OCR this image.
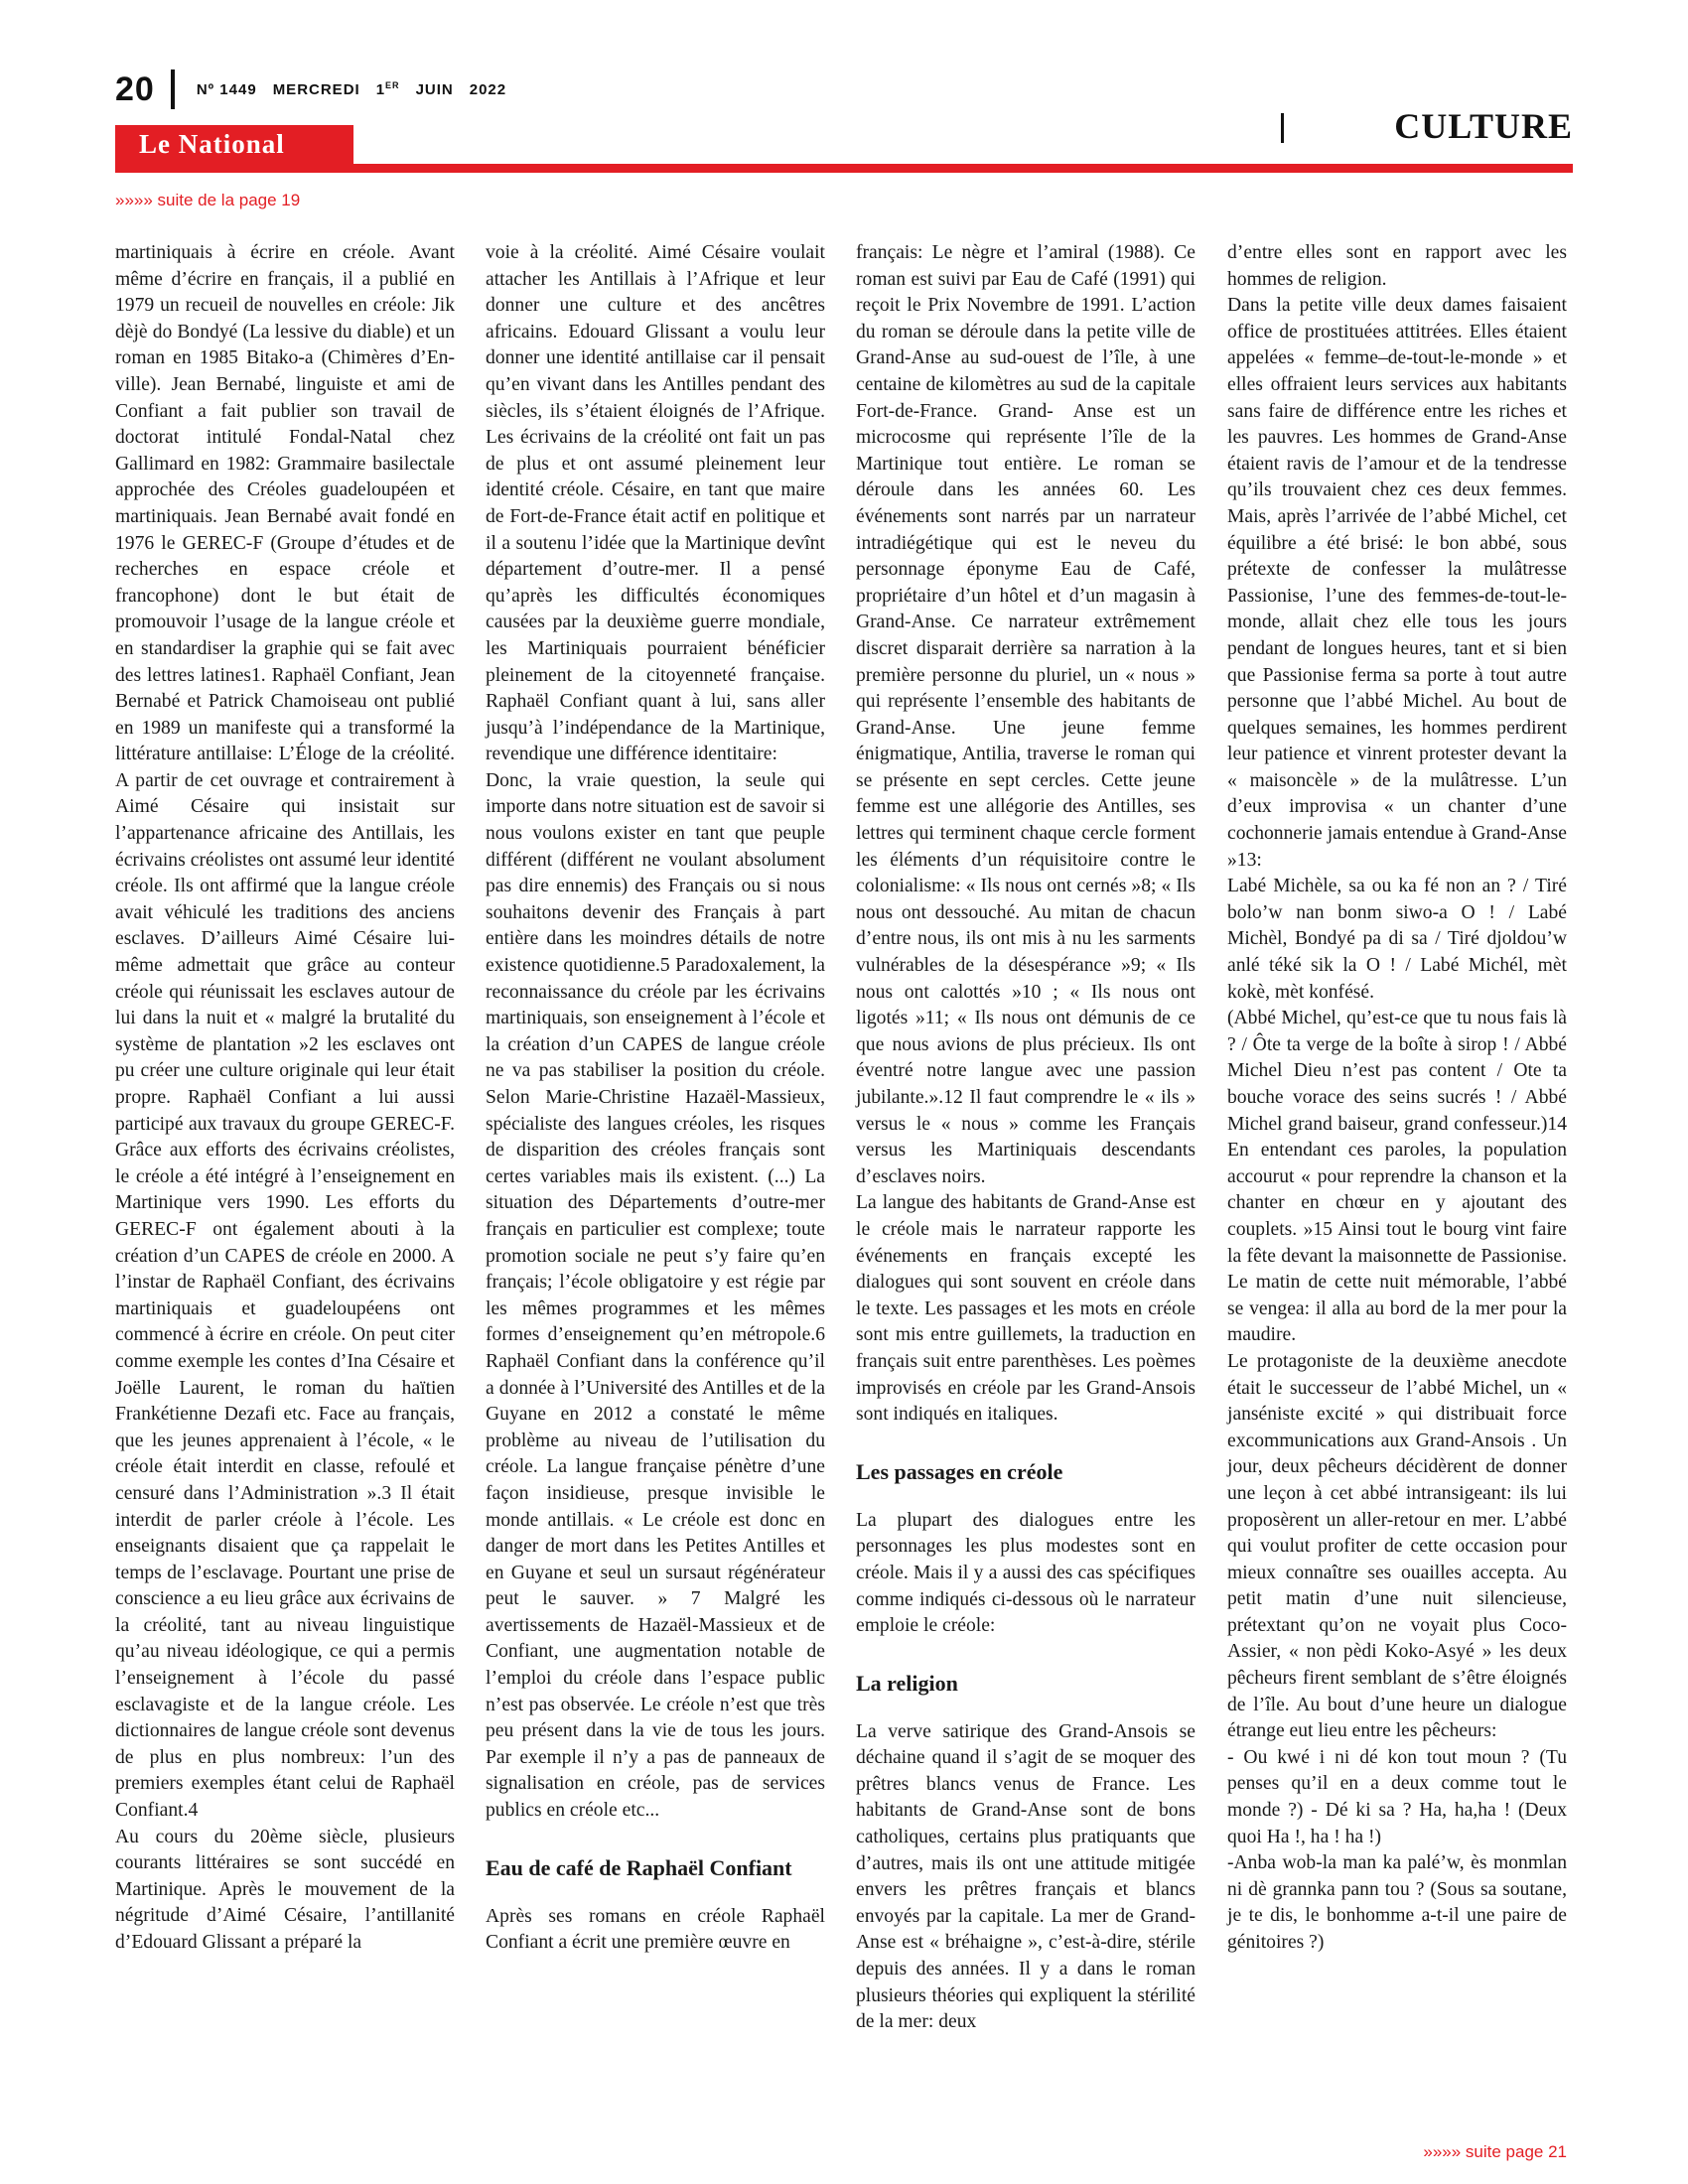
20	Nº 1449 MERCREDI 1ER JUIN 2022
Le National	CULTURE
»»»» suite de la page 19

martiniquais à écrire en créole. Avant même d’écrire en français, il a publié en 1979 un recueil de nouvelles en créole: Jik dèjè do Bondyé (La lessive du diable) et un roman en 1985 Bitako-a (Chimères d’En- ville). Jean Bernabé, linguiste et ami de Confiant a fait publier son travail de doctorat intitulé Fondal-Natal chez Gallimard en 1982: Grammaire basilectale approchée des Créoles guadeloupéen et martiniquais. Jean Bernabé avait fondé en 1976 le GEREC-F (Groupe d’études et de recherches en espace créole et francophone) dont le but était de promouvoir l’usage de la langue créole et en standardiser la graphie qui se fait avec des lettres latines1. Raphaël Confiant, Jean Bernabé et Patrick Chamoiseau ont publié en 1989 un manifeste qui a transformé la littérature antillaise: L’Éloge de la créolité. A partir de cet ouvrage et contrairement à Aimé Césaire qui insistait sur l’appartenance africaine des Antillais, les écrivains créolistes ont assumé leur identité créole. Ils ont affirmé que la langue créole avait véhiculé les traditions des anciens esclaves. D’ailleurs Aimé Césaire lui-même admettait que grâce au conteur créole qui réunissait les esclaves autour de lui dans la nuit et « malgré la brutalité du système de plantation »2 les esclaves ont pu créer une culture originale qui leur était propre. Raphaël Confiant a lui aussi participé aux travaux du groupe GEREC-F. Grâce aux efforts des écrivains créolistes, le créole a été intégré à l’enseignement en Martinique vers 1990. Les efforts du GEREC-F ont également abouti à la création d’un CAPES de créole en 2000. A l’instar de Raphaël Confiant, des écrivains martiniquais et guadeloupéens ont commencé à écrire en créole. On peut citer comme exemple les contes d’Ina Césaire et Joëlle Laurent, le roman du haïtien Frankétienne Dezafi etc. Face au français, que les jeunes apprenaient à l’école, « le créole était interdit en classe, refoulé et censuré dans l’Administration ».3 Il était interdit de parler créole à l’école. Les enseignants disaient que ça rappelait le temps de l’esclavage. Pourtant une prise de conscience a eu lieu grâce aux écrivains de la créolité, tant au niveau linguistique qu’au niveau idéologique, ce qui a permis l’enseignement à l’école du passé esclavagiste et de la langue créole. Les dictionnaires de langue créole sont devenus de plus en plus nombreux: l’un des premiers exemples étant celui de Raphaël Confiant.4

Au cours du 20ème siècle, plusieurs courants littéraires se sont succédé en Martinique. Après le mouvement de la négritude d’Aimé Césaire, l’antillanité d’Edouard Glissant a préparé la

voie à la créolité. Aimé Césaire voulait attacher les Antillais à l’Afrique et leur donner une culture et des ancêtres africains. Edouard Glissant a voulu leur donner une identité antillaise car il pensait qu’en vivant dans les Antilles pendant des siècles, ils s’étaient éloignés de l’Afrique. Les écrivains de la créolité ont fait un pas de plus et ont assumé pleinement leur identité créole. Césaire, en tant que maire de Fort-de-France était actif en politique et il a soutenu l’idée que la Martinique devînt département d’outre-mer. Il a pensé qu’après les difficultés économiques causées par la deuxième guerre mondiale, les Martiniquais pourraient bénéficier pleinement de la citoyenneté française. Raphaël Confiant quant à lui, sans aller jusqu’à l’indépendance de la Martinique, revendique une différence identitaire:

Donc, la vraie question, la seule qui importe dans notre situation est de savoir si nous voulons exister en tant que peuple différent (différent ne voulant absolument pas dire ennemis) des Français ou si nous souhaitons devenir des Français à part entière dans les moindres détails de notre existence quotidienne.5 Paradoxalement, la reconnaissance du créole par les écrivains martiniquais, son enseignement à l’école et la création d’un CAPES de langue créole ne va pas stabiliser la position du créole. Selon Marie-Christine Hazaël-Massieux, spécialiste des langues créoles, les risques de disparition des créoles français sont certes variables mais ils existent. (...) La situation des Départements d’outre-mer français en particulier est complexe; toute promotion sociale ne peut s’y faire qu’en français; l’école obligatoire y est régie par les mêmes programmes et les mêmes formes d’enseignement qu’en métropole.6 Raphaël Confiant dans la conférence qu’il a donnée à l’Université des Antilles et de la Guyane en 2012 a constaté le même problème au niveau de l’utilisation du créole. La langue française pénètre d’une façon insidieuse, presque invisible le monde antillais. « Le créole est donc en danger de mort dans les Petites Antilles et en Guyane et seul un sursaut régénérateur peut le sauver. » 7 Malgré les avertissements de Hazaël-Massieux et de Confiant, une augmentation notable de l’emploi du créole dans l’espace public n’est pas observée. Le créole n’est que très peu présent dans la vie de tous les jours. Par exemple il n’y a pas de panneaux de signalisation en créole, pas de services publics en créole etc...

Eau de café de Raphaël Confiant

Après ses romans en créole Raphaël Confiant a écrit une première œuvre en

français: Le nègre et l’amiral (1988). Ce roman est suivi par Eau de Café (1991) qui reçoit le Prix Novembre de 1991. L’action du roman se déroule dans la petite ville de Grand-Anse au sud-ouest de l’île, à une centaine de kilomètres au sud de la capitale Fort-de-France. Grand- Anse est un microcosme qui représente l’île de la Martinique tout entière. Le roman se déroule dans les années 60. Les événements sont narrés par un narrateur intradiégétique qui est le neveu du personnage éponyme Eau de Café, propriétaire d’un hôtel et d’un magasin à Grand-Anse. Ce narrateur extrêmement discret disparait derrière sa narration à la première personne du pluriel, un « nous » qui représente l’ensemble des habitants de Grand-Anse. Une jeune femme énigmatique, Antilia, traverse le roman qui se présente en sept cercles. Cette jeune femme est une allégorie des Antilles, ses lettres qui terminent chaque cercle forment les éléments d’un réquisitoire contre le colonialisme: « Ils nous ont cernés »8; « Ils nous ont dessouché. Au mitan de chacun d’entre nous, ils ont mis à nu les sarments vulnérables de la désespérance »9; « Ils nous ont calottés »10 ; « Ils nous ont ligotés »11; « Ils nous ont démunis de ce que nous avions de plus précieux. Ils ont éventré notre langue avec une passion jubilante.».12 Il faut comprendre le « ils » versus le « nous » comme les Français versus les Martiniquais descendants d’esclaves noirs.

La langue des habitants de Grand-Anse est le créole mais le narrateur rapporte les événements en français excepté les dialogues qui sont souvent en créole dans le texte. Les passages et les mots en créole sont mis entre guillemets, la traduction en français suit entre parenthèses. Les poèmes improvisés en créole par les Grand-Ansois sont indiqués en italiques.

Les passages en créole

La plupart des dialogues entre les personnages les plus modestes sont en créole. Mais il y a aussi des cas spécifiques comme indiqués ci-dessous où le narrateur emploie le créole:

La religion

La verve satirique des Grand-Ansois se déchaine quand il s’agit de se moquer des prêtres blancs venus de France. Les habitants de Grand-Anse sont de bons catholiques, certains plus pratiquants que d’autres, mais ils ont une attitude mitigée envers les prêtres français et blancs envoyés par la capitale. La mer de Grand-Anse est « bréhaigne », c’est-à-dire, stérile depuis des années. Il y a dans le roman plusieurs théories qui expliquent la stérilité de la mer: deux

d’entre elles sont en rapport avec les hommes de religion.

Dans la petite ville deux dames faisaient office de prostituées attitrées. Elles étaient appelées « femme–de-tout-le-monde » et elles offraient leurs services aux habitants sans faire de différence entre les riches et les pauvres. Les hommes de Grand-Anse étaient ravis de l’amour et de la tendresse qu’ils trouvaient chez ces deux femmes. Mais, après l’arrivée de l’abbé Michel, cet équilibre a été brisé: le bon abbé, sous prétexte de confesser la mulâtresse Passionise, l’une des femmes-de-tout-le-monde, allait chez elle tous les jours pendant de longues heures, tant et si bien que Passionise ferma sa porte à tout autre personne que l’abbé Michel. Au bout de quelques semaines, les hommes perdirent leur patience et vinrent protester devant la « maisoncèle » de la mulâtresse. L’un d’eux improvisa « un chanter d’une cochonnerie jamais entendue à Grand-Anse »13:

Labé Michèle, sa ou ka fé non an ? / Tiré bolo’w nan bonm siwo-a O ! / Labé Michèl, Bondyé pa di sa / Tiré djoldou’w anlé téké sik la O ! / Labé Michél, mèt kokè, mèt konfésé.

(Abbé Michel, qu’est-ce que tu nous fais là ? / Ôte ta verge de la boîte à sirop ! / Abbé Michel Dieu n’est pas content / Ote ta bouche vorace des seins sucrés ! / Abbé Michel grand baiseur, grand confesseur.)14 En entendant ces paroles, la population accourut « pour reprendre la chanson et la chanter en chœur en y ajoutant des couplets. »15 Ainsi tout le bourg vint faire la fête devant la maisonnette de Passionise. Le matin de cette nuit mémorable, l’abbé se vengea: il alla au bord de la mer pour la maudire.

Le protagoniste de la deuxième anecdote était le successeur de l’abbé Michel, un « janséniste excité » qui distribuait force excommunications aux Grand-Ansois . Un jour, deux pêcheurs décidèrent de donner une leçon à cet abbé intransigeant: ils lui proposèrent un aller-retour en mer. L’abbé qui voulut profiter de cette occasion pour mieux connaître ses ouailles accepta. Au petit matin d’une nuit silencieuse, prétextant qu’on ne voyait plus Coco-Assier, « non pèdi Koko-Asyé » les deux pêcheurs firent semblant de s’être éloignés de l’île. Au bout d’une heure un dialogue étrange eut lieu entre les pêcheurs:

- Ou kwé i ni dé kon tout moun ? (Tu penses qu’il en a deux comme tout le monde ?) - Dé ki sa ? Ha, ha,ha ! (Deux quoi Ha !, ha ! ha !)

-Anba wob-la man ka palé’w, ès monmlan ni dè grannka pann tou ? (Sous sa soutane, je te dis, le bonhomme a-t-il une paire de génitoires ?)

»»»» suite page 21
